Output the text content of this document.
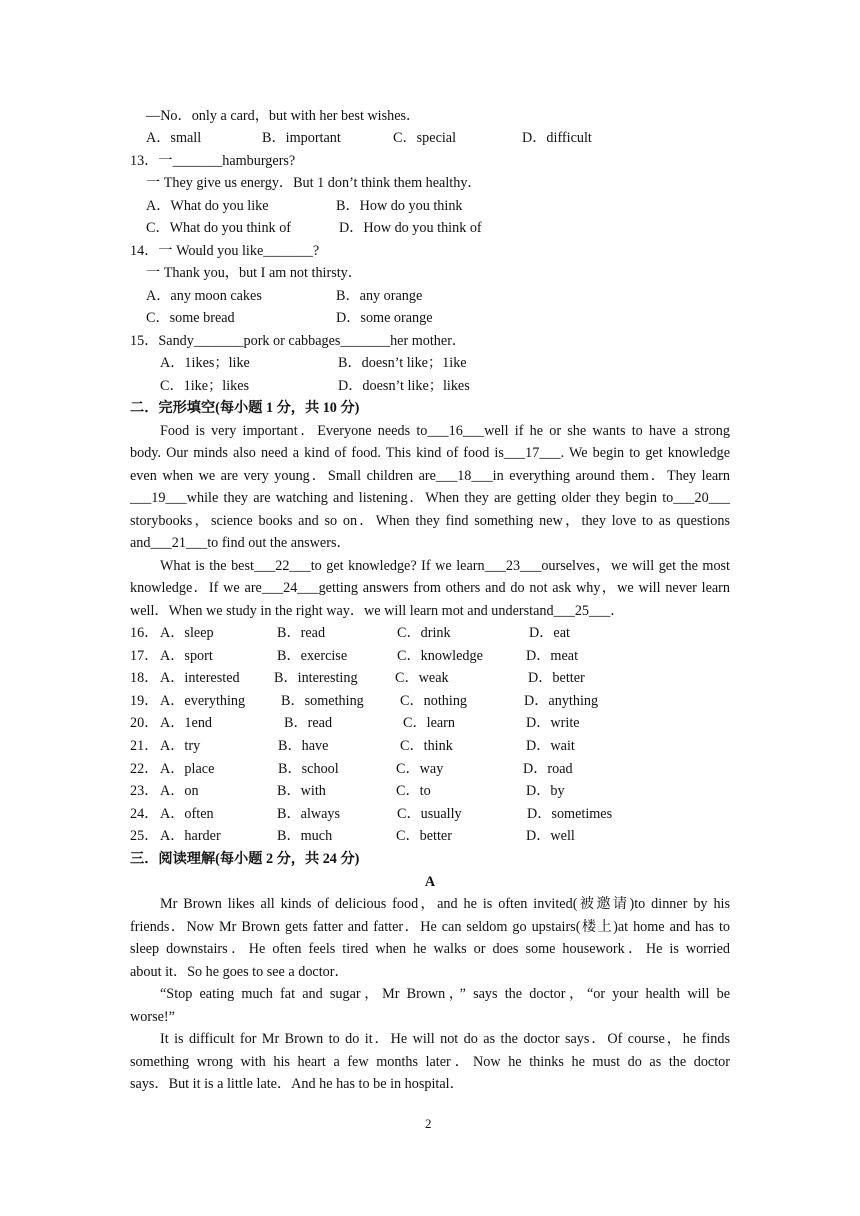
—No．only a card，but with her best wishes．
A．small	B．important	C．special	D．difficult
13．一_______hamburgers?
一 They give us energy．But 1 don’t think them healthy．
A．What do you like	B．How do you think
C．What do you think of	D．How do you think of
14．一 Would you like_______?
一 Thank you，but I am not thirsty．
A．any moon cakes	B．any orange
C．some bread	D．some orange
15．Sandy_______pork or cabbages_______her mother．
A．1ikes；like	B．doesn’t like；1ike
C．1ike；likes	D．doesn’t like；likes
二．完形填空(每小题 1 分，共 10 分)
Food is very important．Everyone needs to___16___well if he or she wants to have a strong
body. Our minds also need a kind of food. This kind of food is___17___. We begin to get knowledge
even when we are very young．Small children are___18___in everything around them．They learn
___19___while they are watching and listening．When they are getting older they begin to___20___
storybooks，science books and so on．When they find something new，they love to as questions
and___21___to find out the answers．
What is the best___22___to get knowledge? If we learn___23___ourselves，we will get the most
knowledge．If we are___24___getting answers from others and do not ask why，we will never learn
well．When we study in the right way．we will learn mot and understand___25___．
16． A．sleep	B．read	C．drink	D．eat
17． A．sport	B．exercise	C．knowledge	D．meat
18． A．interested B．interesting	C．weak	D．better
19． A．everything	B．something	C．nothing	D．anything
20． A．1end	B．read	C．learn	D．write
21． A．try	B．have	C．think	D．wait
22． A．place	B．school	C．way	D．road
23． A．on	B．with	C．to	D．by
24． A．often	B．always	C．usually	D．sometimes
25． A．harder	B．much	C．better	D．well
三．阅读理解(每小题 2 分，共 24 分)
A
Mr Brown likes all kinds of delicious food，and he is often invited(被邀请)to dinner by his
friends．Now Mr Brown gets fatter and fatter．He can seldom go upstairs(楼上)at home and has to
sleep downstairs．He often feels tired when he walks or does some housework．He is worried
about it．So he goes to see a doctor．
“Stop eating much fat and sugar，Mr Brown，” says the doctor，“or your health will be
worse!”
It is difficult for Mr Brown to do it．He will not do as the doctor says．Of course，he finds
something wrong with his heart a few months later．Now he thinks he must do as the doctor
says．But it is a little late．And he has to be in hospital．
2
